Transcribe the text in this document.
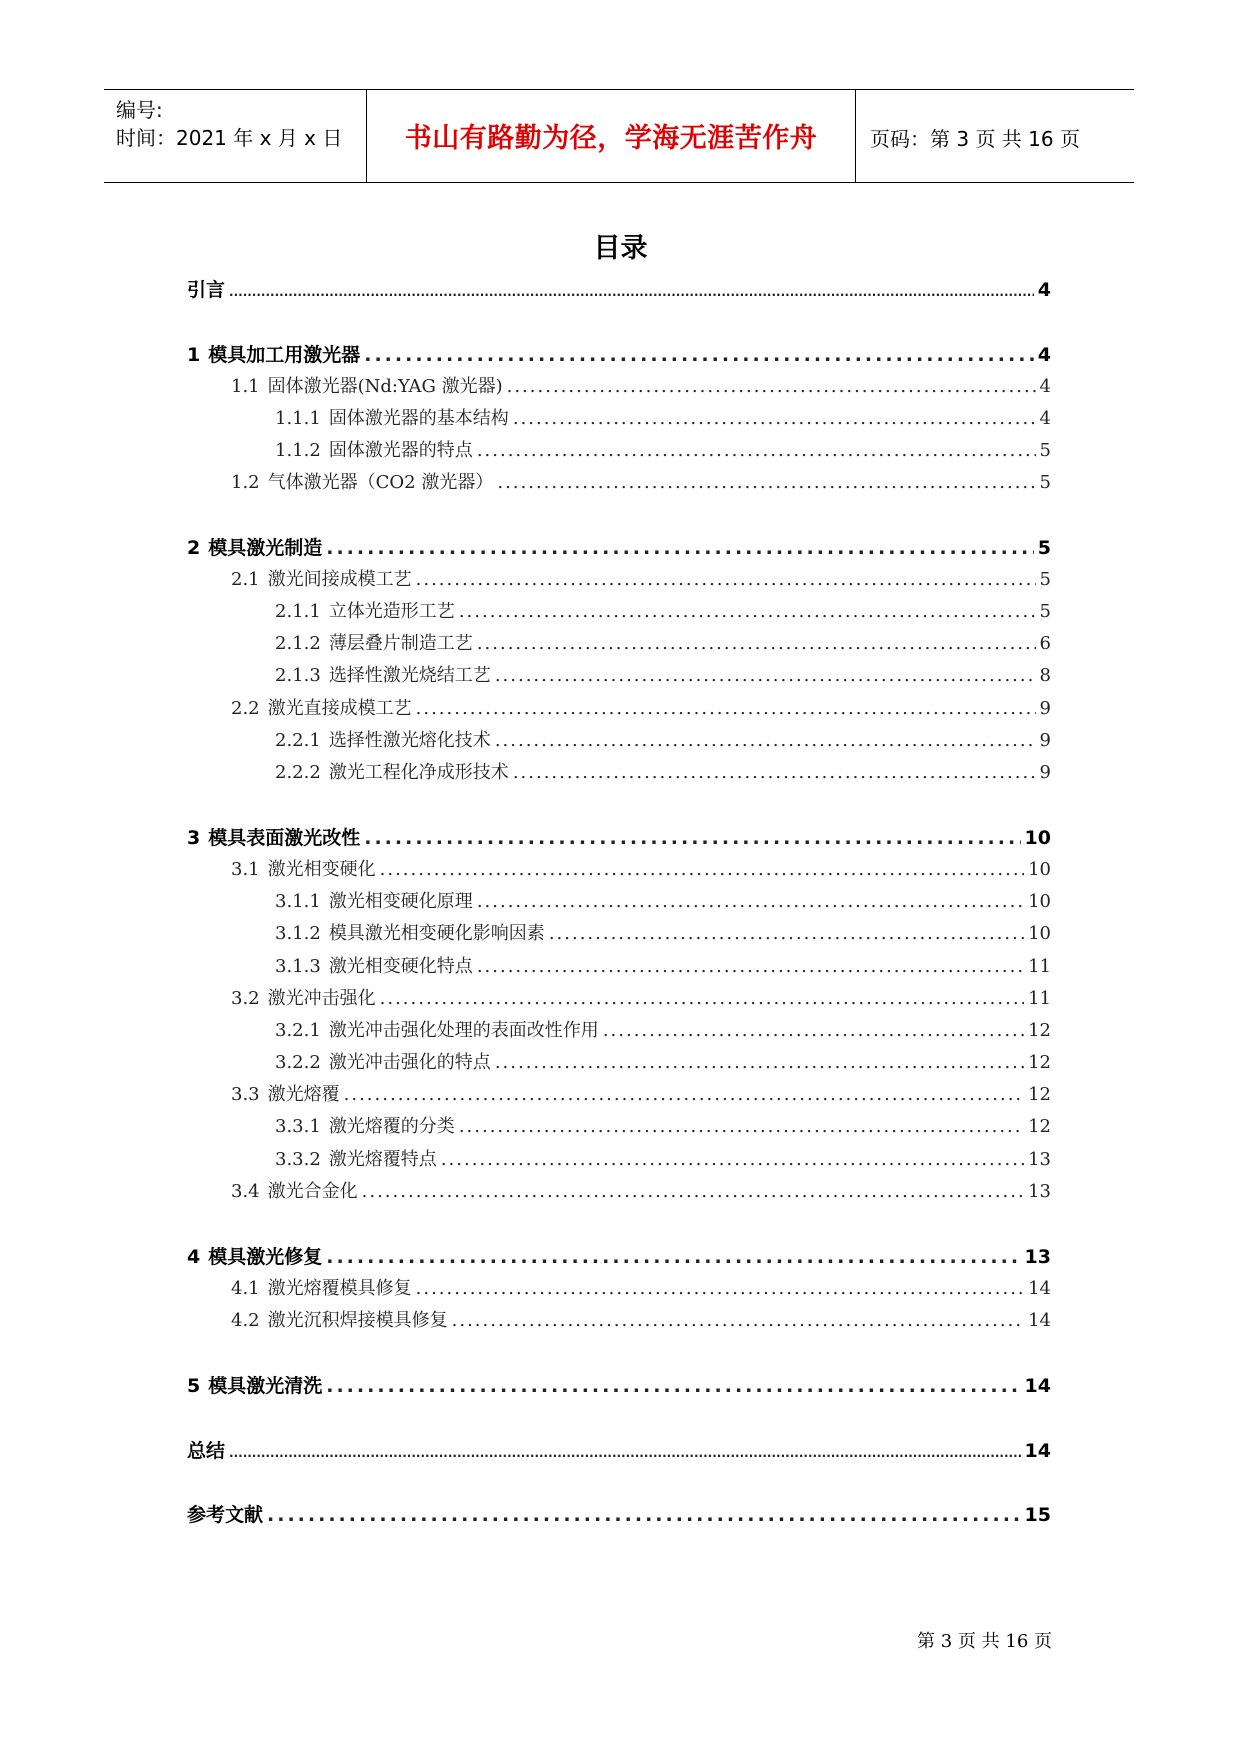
编号:
时间：2021 年 x 月 x 日	书山有路勤为径，学海无涯苦作舟	页码：第 3 页 共 16 页
目录
引言 .....	4
1 模具加工用激光器 .....	4
1.1 固体激光器(Nd:YAG 激光器) .....	4
1.1.1 固体激光器的基本结构 .....	4
1.1.2 固体激光器的特点 .....	5
1.2 气体激光器（CO2 激光器） .....	5
2 模具激光制造 .....	5
2.1 激光间接成模工艺 .....	5
2.1.1 立体光造形工艺 .....	5
2.1.2 薄层叠片制造工艺 .....	6
2.1.3 选择性激光烧结工艺 .....	8
2.2 激光直接成模工艺 .....	9
2.2.1 选择性激光熔化技术 .....	9
2.2.2 激光工程化净成形技术 .....	9
3 模具表面激光改性 .....	10
3.1 激光相变硬化 .....	10
3.1.1 激光相变硬化原理 .....	10
3.1.2 模具激光相变硬化影响因素 .....	10
3.1.3 激光相变硬化特点 .....	11
3.2 激光冲击强化 .....	11
3.2.1 激光冲击强化处理的表面改性作用 .....	12
3.2.2 激光冲击强化的特点 .....	12
3.3 激光熔覆 .....	12
3.3.1 激光熔覆的分类 .....	12
3.3.2 激光熔覆特点 .....	13
3.4 激光合金化 .....	13
4 模具激光修复 .....	13
4.1 激光熔覆模具修复 .....	14
4.2 激光沉积焊接模具修复 .....	14
5 模具激光清洗 .....	14
总结 .....	14
参考文献 .....	15
第 3 页 共 16 页
